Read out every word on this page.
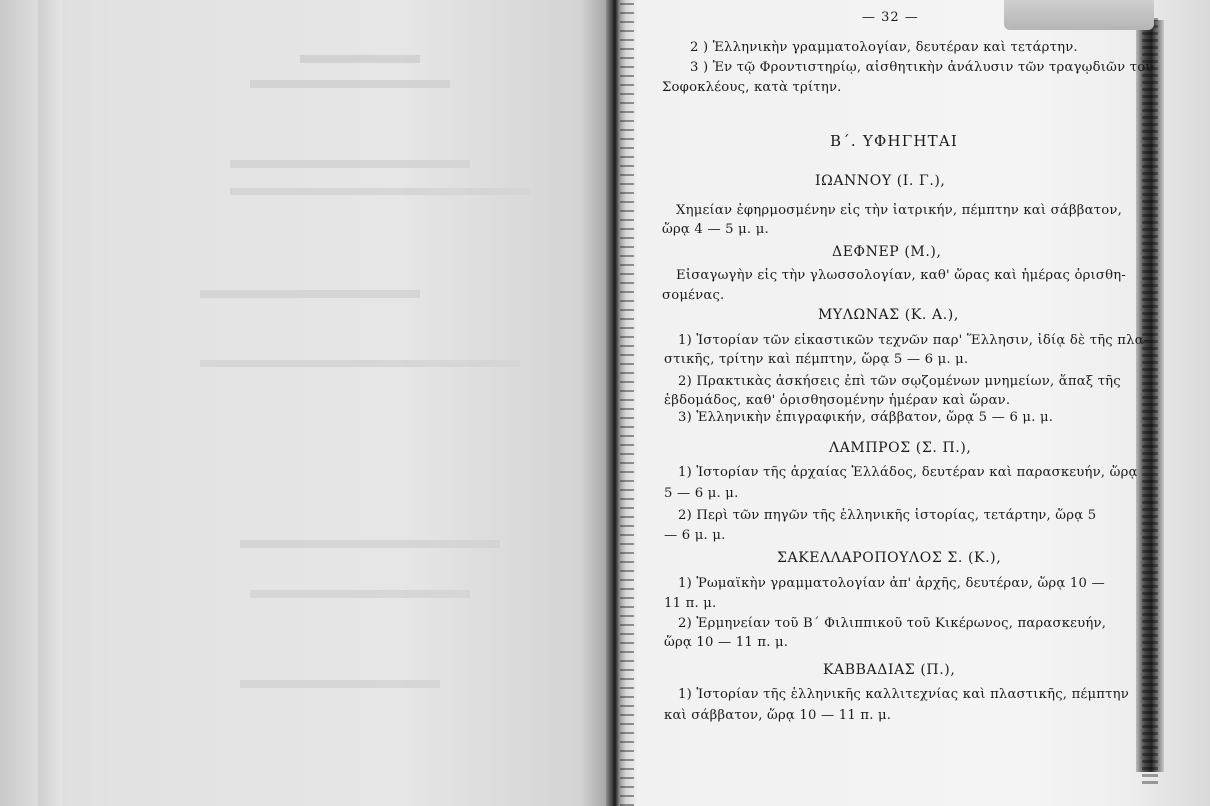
— 32 —
2 ) Ἑλληνικὴν γραμματολογίαν, δευτέραν καὶ τετάρτην.
3 ) Ἐν τῷ Φροντιστηρίῳ, αἰσθητικὴν ἀνάλυσιν τῶν τραγῳδιῶν τοῦ
Σοφοκλέους, κατὰ τρίτην.
Β΄. ΥΦΗΓΗΤΑΙ
ΙΩΑΝΝΟΥ (Ι. Γ.),
Χημείαν ἐφηρμοσμένην εἰς τὴν ἰατρικήν, πέμπτην καὶ σάββατον,
ὥρᾳ 4 — 5 μ. μ.
ΔΕΦΝΕΡ (Μ.),
Εἰσαγωγὴν εἰς τὴν γλωσσολογίαν, καθ' ὥρας καὶ ἡμέρας ὁρισθη-
σομένας.
ΜΥΛΩΝΑΣ (Κ. Α.),
1) Ἱστορίαν τῶν εἰκαστικῶν τεχνῶν παρ' Ἕλλησιν, ἰδίᾳ δὲ τῆς πλα-
στικῆς, τρίτην καὶ πέμπτην, ὥρᾳ 5 — 6 μ. μ.
2) Πρακτικὰς ἀσκήσεις ἐπὶ τῶν σῳζομένων μνημείων, ἅπαξ τῆς
ἑβδομάδος, καθ' ὁρισθησομένην ἡμέραν καὶ ὥραν.
3) Ἑλληνικὴν ἐπιγραφικήν, σάββατον, ὥρᾳ 5 — 6 μ. μ.
ΛΑΜΠΡΟΣ (Σ. Π.),
1) Ἱστορίαν τῆς ἀρχαίας Ἑλλάδος, δευτέραν καὶ παρασκευήν, ὥρᾳ
5 — 6 μ. μ.
2) Περὶ τῶν πηγῶν τῆς ἑλληνικῆς ἱστορίας, τετάρτην, ὥρᾳ 5
— 6 μ. μ.
ΣΑΚΕΛΛΑΡΟΠΟΥΛΟΣ Σ. (Κ.),
1) Ῥωμαϊκὴν γραμματολογίαν ἀπ' ἀρχῆς, δευτέραν, ὥρᾳ 10 —
11 π. μ.
2) Ἑρμηνείαν τοῦ Β΄ Φιλιππικοῦ τοῦ Κικέρωνος, παρασκευήν,
ὥρᾳ 10 — 11 π. μ.
ΚΑΒΒΑΔΙΑΣ (Π.),
1) Ἱστορίαν τῆς ἑλληνικῆς καλλιτεχνίας καὶ πλαστικῆς, πέμπτην
καὶ σάββατον, ὥρᾳ 10 — 11 π. μ.
